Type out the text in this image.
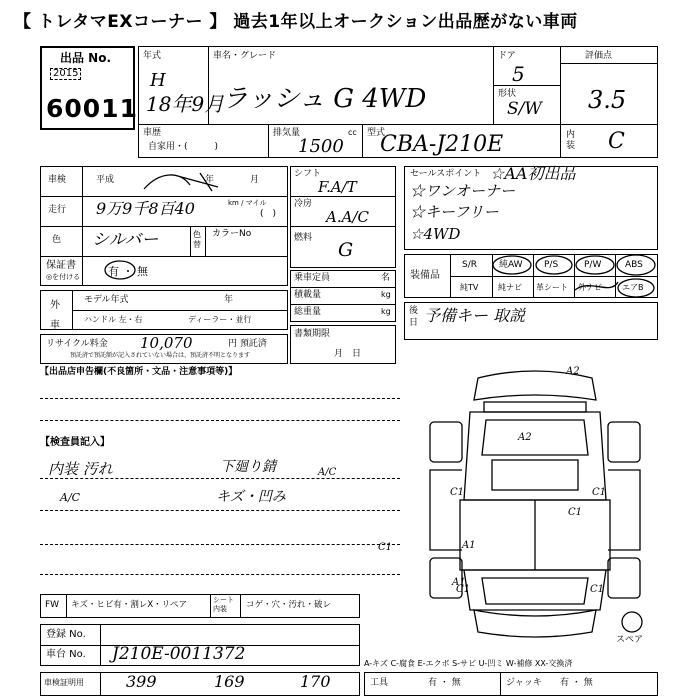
【 トレタマEXコーナー 】 過去1年以上オークション出品歴がない車両
出品 No.
2015
60011
年式
H
18年9月
車名・グレード
ラッシュ G 4WD
ドア
5
形状
S/W
評価点
3.5
内装 C
車歴
自家用・(　　　)
排気量	cc
1500
型式
CBA-J210E
車検	平成	年	月
走行 9万9千8百40	km / マイル
(　)
色 シルバー	色替
カラーNo
保証書
◎を付ける	有 ・ 無
外車
モデル年式	年
ハンドル 左・右	ディーラー・並行
リサイクル料金 10,070	円 預託済
預託済で預託額が記入されていない場合は、預託済不明となります
シフト
F.A/T
冷房
A.A/C
燃料
G
乗車定員	名
積載量	kg
総重量	kg
書類期限
月　日
セールスポイント ☆AA初出品
☆ワンオーナー
☆キーフリー
☆4WD
装備品
S/R 純AW P/S	P/W	ABS
純TV 純ナビ 革シート 外ナビ	エアB
後日 予備キー 取説
【出品店申告欄(不良箇所・文品・注意事項等)】
【検査員記入】
内装 汚れ
A/C
下廻り錆	A/C
キズ・凹み
A2
A2
C1	C1
C1	A1
C1
C1	C1
A1
スペア
FW キズ・ヒビ有・割レX・リペア	シート 内装	コゲ・穴・汚れ・破レ
登録 No.
車台 No. J210E-0011372	A-キズ C-腐食 E-エクボ S-サビ U-凹ミ W-補修 XX-交換済
車検証明用	399	169	170	工具	有 ・ 無	ジャッキ 有 ・ 無
